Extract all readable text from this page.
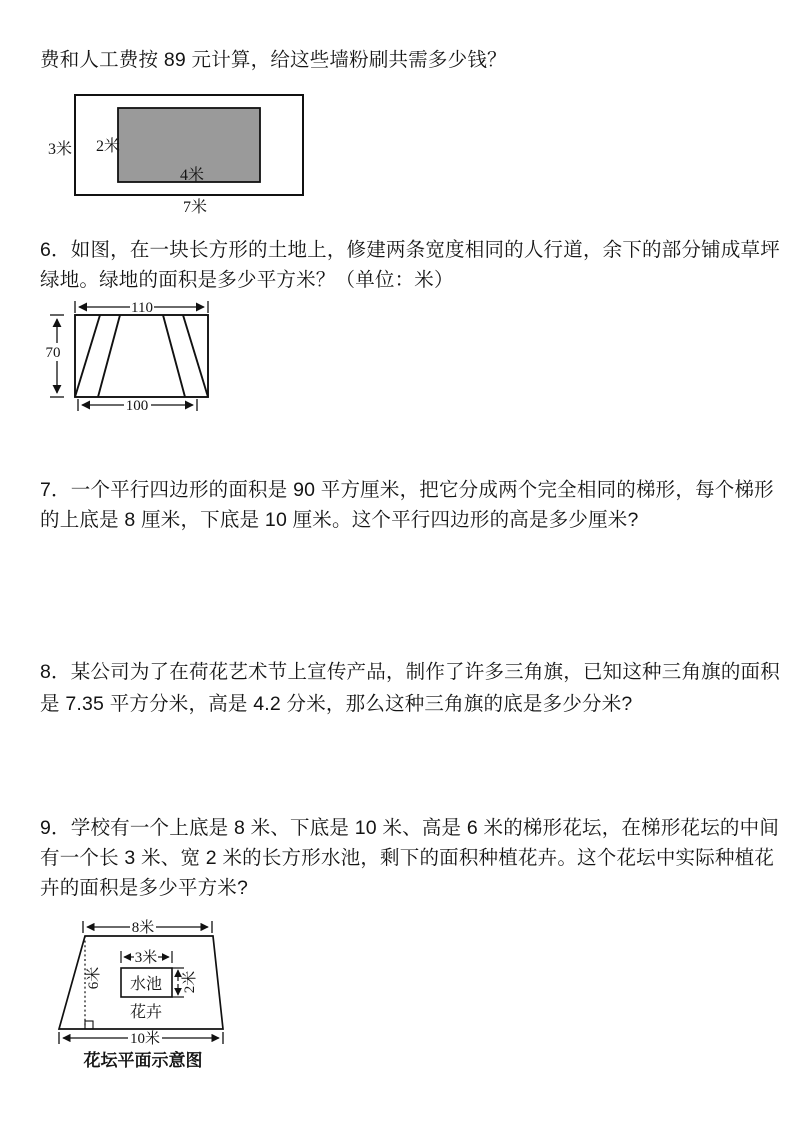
费和人工费按 89 元计算，给这些墙粉刷共需多少钱？
3米 2米
4米
7米
6．如图，在一块长方形的土地上，修建两条宽度相同的人行道，余下的部分铺成草坪
绿地。绿地的面积是多少平方米？（单位：米）
110
70
100
7．一个平行四边形的面积是 90 平方厘米，把它分成两个完全相同的梯形，每个梯形
的上底是 8 厘米，下底是 10 厘米。这个平行四边形的高是多少厘米?
8．某公司为了在荷花艺术节上宣传产品，制作了许多三角旗，已知这种三角旗的面积
是 7.35 平方分米，高是 4.2 分米，那么这种三角旗的底是多少分米?
9．学校有一个上底是 8 米、下底是 10 米、高是 6 米的梯形花坛，在梯形花坛的中间
有一个长 3 米、宽 2 米的长方形水池，剩下的面积种植花卉。这个花坛中实际种植花
卉的面积是多少平方米?
8米
6米 水池
3米
2米
花卉
10米
花坛平面示意图
